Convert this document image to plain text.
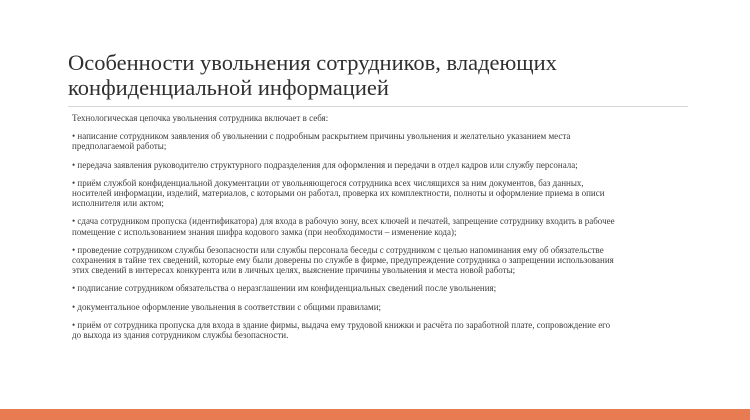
Особенности увольнения сотрудников, владеющих
конфиденциальной информацией

Технологическая цепочка увольнения сотрудника включает в себя:

• написание сотрудником заявления об увольнении с подробным раскрытием причины увольнения и желательно указанием места
предполагаемой работы;

• передача заявления руководителю структурного подразделения для оформления и передачи в отдел кадров или службу персонала;

• приём службой конфиденциальной документации от увольняющегося сотрудника всех числящихся за ним документов, баз данных,
носителей информации, изделий, материалов, с которыми он работал, проверка их комплектности, полноты и оформление приема в описи
исполнителя или актом;

• сдача сотрудником пропуска (идентификатора) для входа в рабочую зону, всех ключей и печатей, запрещение сотруднику входить в рабочее
помещение с использованием знания шифра кодового замка (при необходимости – изменение кода);

• проведение сотрудником службы безопасности или службы персонала беседы с сотрудником с целью напоминания ему об обязательстве
сохранения в тайне тех сведений, которые ему были доверены по службе в фирме, предупреждение сотрудника о запрещении использования
этих сведений в интересах конкурента или в личных целях, выяснение причины увольнения и места новой работы;

• подписание сотрудником обязательства о неразглашении им конфиденциальных сведений после увольнения;

• документальное оформление увольнения в соответствии с общими правилами;

• приём от сотрудника пропуска для входа в здание фирмы, выдача ему трудовой книжки и расчёта по заработной плате, сопровождение его
до выхода из здания сотрудником службы безопасности.
